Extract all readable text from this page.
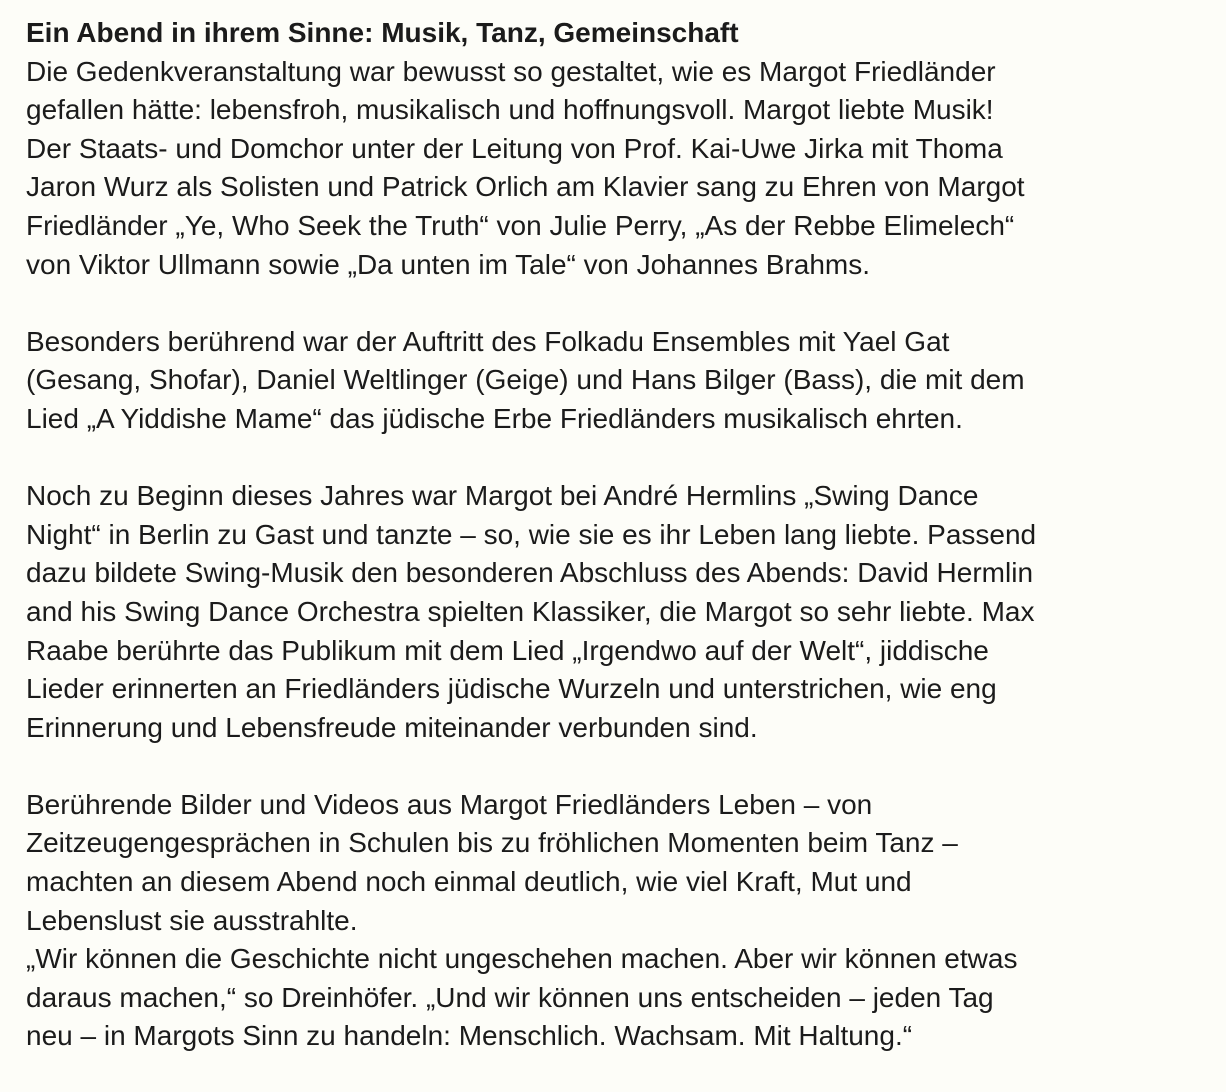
Ein Abend in ihrem Sinne: Musik, Tanz, Gemeinschaft
Die Gedenkveranstaltung war bewusst so gestaltet, wie es Margot Friedländer
gefallen hätte: lebensfroh, musikalisch und hoffnungsvoll. Margot liebte Musik!
Der Staats- und Domchor unter der Leitung von Prof. Kai-Uwe Jirka mit Thoma
Jaron Wurz als Solisten und Patrick Orlich am Klavier sang zu Ehren von Margot
Friedländer „Ye, Who Seek the Truth“ von Julie Perry, „As der Rebbe Elimelech“
von Viktor Ullmann sowie „Da unten im Tale“ von Johannes Brahms.
Besonders berührend war der Auftritt des Folkadu Ensembles mit Yael Gat
(Gesang, Shofar), Daniel Weltlinger (Geige) und Hans Bilger (Bass), die mit dem
Lied „A Yiddishe Mame“ das jüdische Erbe Friedländers musikalisch ehrten.
Noch zu Beginn dieses Jahres war Margot bei André Hermlins „Swing Dance
Night“ in Berlin zu Gast und tanzte – so, wie sie es ihr Leben lang liebte. Passend
dazu bildete Swing-Musik den besonderen Abschluss des Abends: David Hermlin
and his Swing Dance Orchestra spielten Klassiker, die Margot so sehr liebte. Max
Raabe berührte das Publikum mit dem Lied „Irgendwo auf der Welt“, jiddische
Lieder erinnerten an Friedländers jüdische Wurzeln und unterstrichen, wie eng
Erinnerung und Lebensfreude miteinander verbunden sind.
Berührende Bilder und Videos aus Margot Friedländers Leben – von
Zeitzeugengesprächen in Schulen bis zu fröhlichen Momenten beim Tanz –
machten an diesem Abend noch einmal deutlich, wie viel Kraft, Mut und
Lebenslust sie ausstrahlte.
„Wir können die Geschichte nicht ungeschehen machen. Aber wir können etwas
daraus machen,“ so Dreinhöfer. „Und wir können uns entscheiden – jeden Tag
neu – in Margots Sinn zu handeln: Menschlich. Wachsam. Mit Haltung.“
